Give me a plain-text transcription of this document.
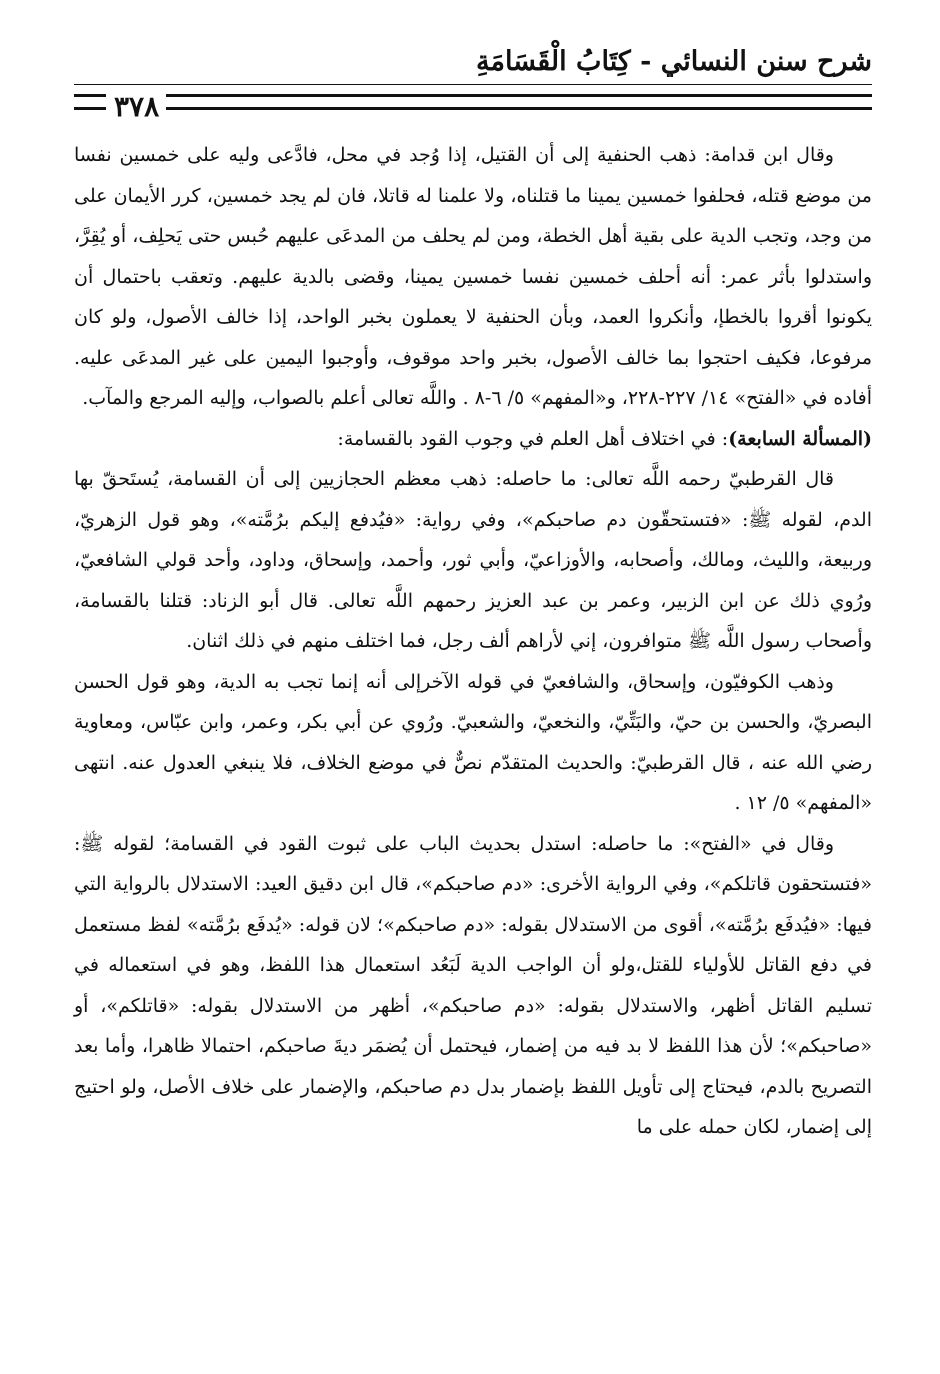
شرح سنن النسائي - كِتَابُ الْقَسَامَةِ
٣٧٨

وقال ابن قدامة: ذهب الحنفية إلى أن القتيل، إذا وُجد في محل، فادَّعى وليه على خمسين نفسا من موضع قتله، فحلفوا خمسين يمينا ما قتلناه، ولا علمنا له قاتلا، فان لم يجد خمسين، كرر الأيمان على من وجد، وتجب الدية على بقية أهل الخطة، ومن لم يحلف من المدعَى عليهم حُبس حتى يَحلِف، أو يُقِرَّ، واستدلوا بأثر عمر: أنه أحلف خمسين نفسا خمسين يمينا، وقضى بالدية عليهم. وتعقب باحتمال أن يكونوا أقروا بالخطإ، وأنكروا العمد، وبأن الحنفية لا يعملون بخبر الواحد، إذا خالف الأصول، ولو كان مرفوعا، فكيف احتجوا بما خالف الأصول، بخبر واحد موقوف، وأوجبوا اليمين على غير المدعَى عليه. أفاده في «الفتح» ١٤/ ٢٢٧-٢٢٨، و«المفهم» ٥/ ٦-٨ . واللَّه تعالى أعلم بالصواب، وإليه المرجع والمآب.

(المسألة السابعة): في اختلاف أهل العلم في وجوب القود بالقسامة:

قال القرطبيّ رحمه اللَّه تعالى: ما حاصله: ذهب معظم الحجازيين إلى أن القسامة، يُستَحقّ بها الدم، لقوله ﷺ: «فتستحقّون دم صاحبكم»، وفي رواية: «فيُدفع إليكم برُمَّته»، وهو قول الزهريّ، وربيعة، والليث، ومالك، وأصحابه، والأوزاعيّ، وأبي ثور، وأحمد، وإسحاق، وداود، وأحد قولي الشافعيّ، ورُوي ذلك عن ابن الزبير، وعمر بن عبد العزيز رحمهم اللَّه تعالى. قال أبو الزناد: قتلنا بالقسامة، وأصحاب رسول اللَّه ﷺ متوافرون، إني لأراهم ألف رجل، فما اختلف منهم في ذلك اثنان.

وذهب الكوفيّون، وإسحاق، والشافعيّ في قوله الآخرإلى أنه إنما تجب به الدية، وهو قول الحسن البصريّ، والحسن بن حيّ، والبَتِّيّ، والنخعيّ، والشعبيّ. ورُوي عن أبي بكر، وعمر، وابن عبّاس، ومعاوية رضي الله عنه ، قال القرطبيّ: والحديث المتقدّم نصٌّ في موضع الخلاف، فلا ينبغي العدول عنه. انتهى «المفهم» ٥/ ١٢ .

وقال في «الفتح»: ما حاصله: استدل بحديث الباب على ثبوت القود في القسامة؛ لقوله ﷺ: «فتستحقون قاتلكم»، وفي الرواية الأخرى: «دم صاحبكم»، قال ابن دقيق العيد: الاستدلال بالرواية التي فيها: «فيُدفَع برُمَّته»، أقوى من الاستدلال بقوله: «دم صاحبكم»؛ لان قوله: «يُدفَع برُمَّته» لفظ مستعمل في دفع القاتل للأولياء للقتل،ولو أن الواجب الدية لَبَعُد استعمال هذا اللفظ، وهو في استعماله في تسليم القاتل أظهر، والاستدلال بقوله: «دم صاحبكم»، أظهر من الاستدلال بقوله: «قاتلكم»، أو «صاحبكم»؛ لأن هذا اللفظ لا بد فيه من إضمار، فيحتمل أن يُضمَر ديةَ صاحبكم، احتمالا ظاهرا، وأما بعد التصريح بالدم، فيحتاج إلى تأويل اللفظ بإضمار بدل دم صاحبكم، والإضمار على خلاف الأصل، ولو احتيج إلى إضمار، لكان حمله على ما
